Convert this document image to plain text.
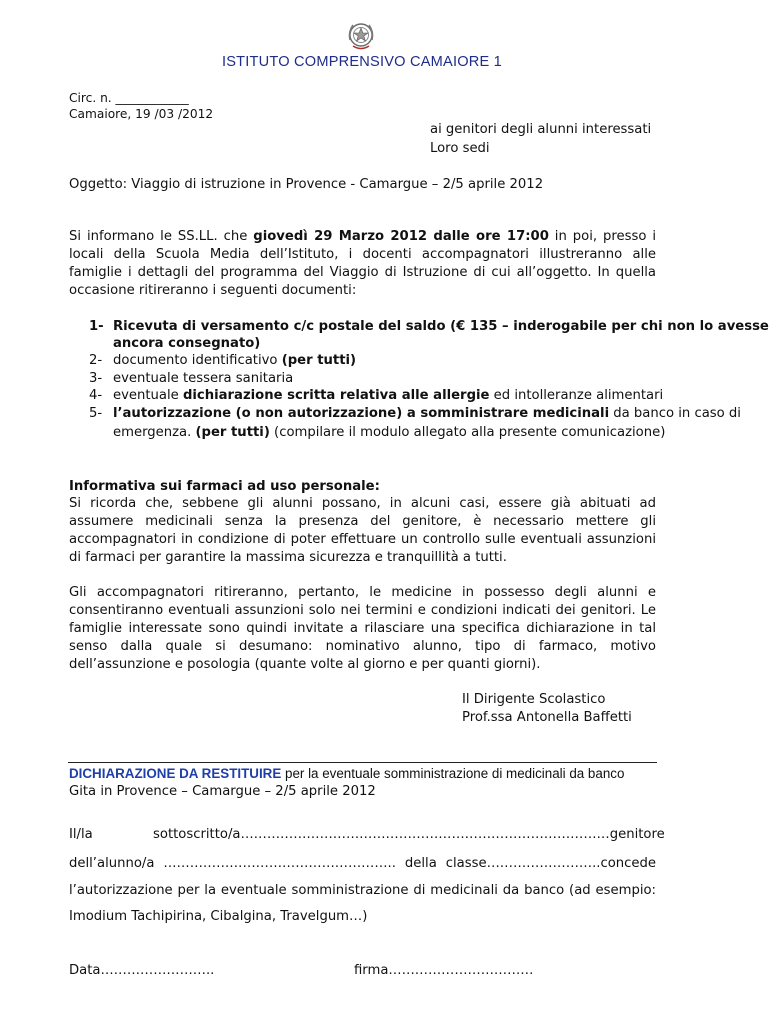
ISTITUTO COMPRENSIVO CAMAIORE 1
Circ. n. ____________
Camaiore, 19 /03 /2012
ai genitori degli alunni interessati
Loro sedi
Oggetto: Viaggio di istruzione in Provence - Camargue – 2/5 aprile 2012
Si informano le SS.LL. che giovedì 29 Marzo 2012 dalle ore 17:00 in poi, presso i locali della Scuola Media dell’Istituto, i docenti accompagnatori illustreranno alle famiglie i dettagli del programma del Viaggio di Istruzione di cui all’oggetto. In quella occasione ritireranno i seguenti documenti:
1- Ricevuta di versamento c/c postale del saldo (€ 135 – inderogabile per chi non lo avesse
ancora consegnato)
2- documento identificativo (per tutti)
3- eventuale tessera sanitaria
4- eventuale dichiarazione scritta relativa alle allergie ed intolleranze alimentari
5- l’autorizzazione (o non autorizzazione) a somministrare medicinali da banco in caso di
emergenza. (per tutti) (compilare il modulo allegato alla presente comunicazione)
Informativa sui farmaci ad uso personale:
Si ricorda che, sebbene gli alunni possano, in alcuni casi, essere già abituati ad assumere medicinali senza la presenza del genitore, è necessario mettere gli accompagnatori in condizione di poter effettuare un controllo sulle eventuali assunzioni di farmaci per garantire la massima sicurezza e tranquillità a tutti.
Gli accompagnatori ritireranno, pertanto, le medicine in possesso degli alunni e consentiranno eventuali assunzioni solo nei termini e condizioni indicati dei genitori. Le famiglie interessate sono quindi invitate a rilasciare una specifica dichiarazione in tal senso dalla quale si desumano: nominativo alunno, tipo di farmaco, motivo dell’assunzione e posologia (quante volte al giorno e per quanti giorni).
Il Dirigente Scolastico
Prof.ssa Antonella Baffetti
DICHIARAZIONE DA RESTITUIRE per la eventuale somministrazione di medicinali da banco
Gita in Provence – Camargue – 2/5 aprile 2012
Il/la	sottoscritto/a…………………………………………………………………………genitore
dell’alunno/a …………………………………………….. della classe……………………..concede
l’autorizzazione per la eventuale somministrazione di medicinali da banco (ad esempio:
Imodium Tachipirina, Cibalgina, Travelgum…)
Data……………………..	firma……………………………
